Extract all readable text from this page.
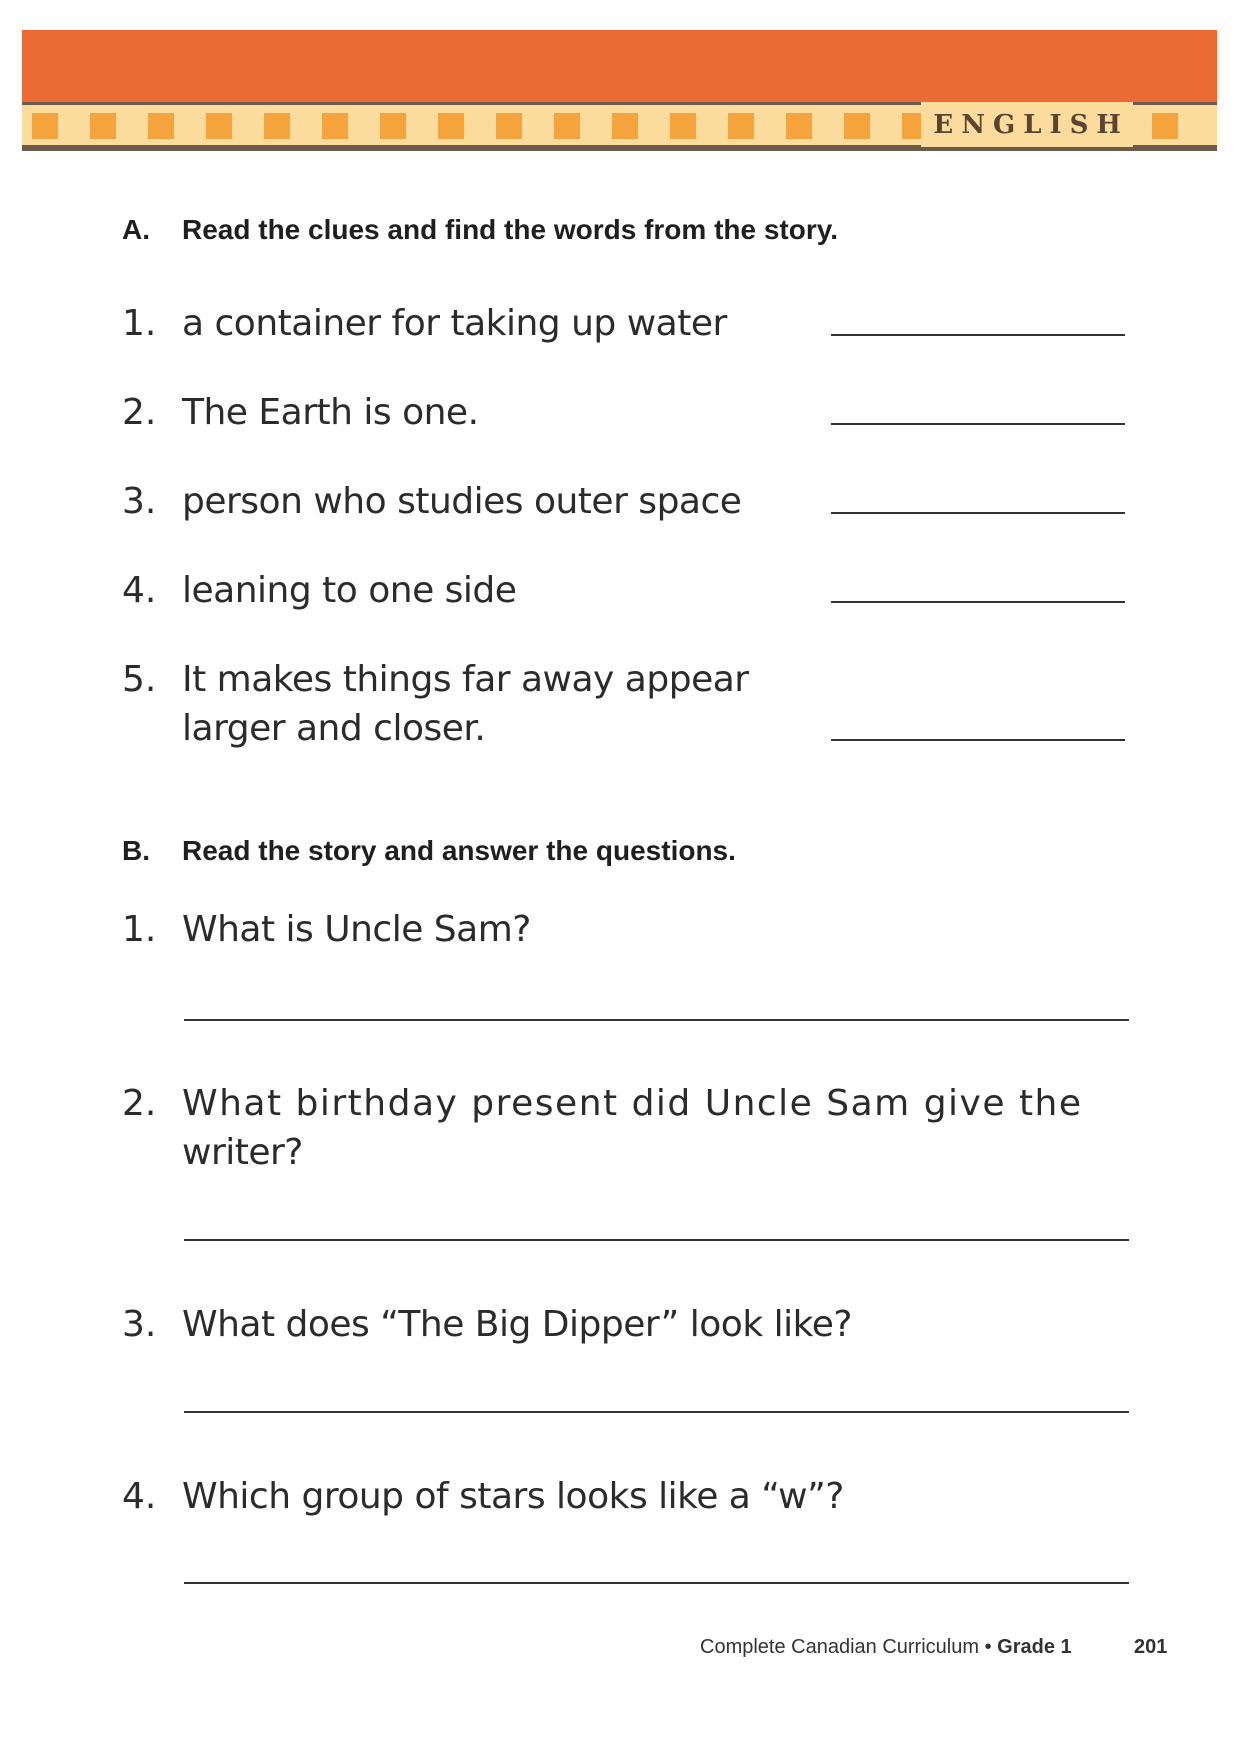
E N G L I S H
A.	Read the clues and find the words from the story.
1. a container for taking up water
2. The Earth is one.
3. person who studies outer space
4. leaning to one side
5. It makes things far away appear
larger and closer.
B.	Read the story and answer the questions.
1. What is Uncle Sam?
2. What birthday present did Uncle Sam give the
writer?
3. What does “The Big Dipper” look like?
4. Which group of stars looks like a “w”?
Complete Canadian Curriculum • Grade 1	201
